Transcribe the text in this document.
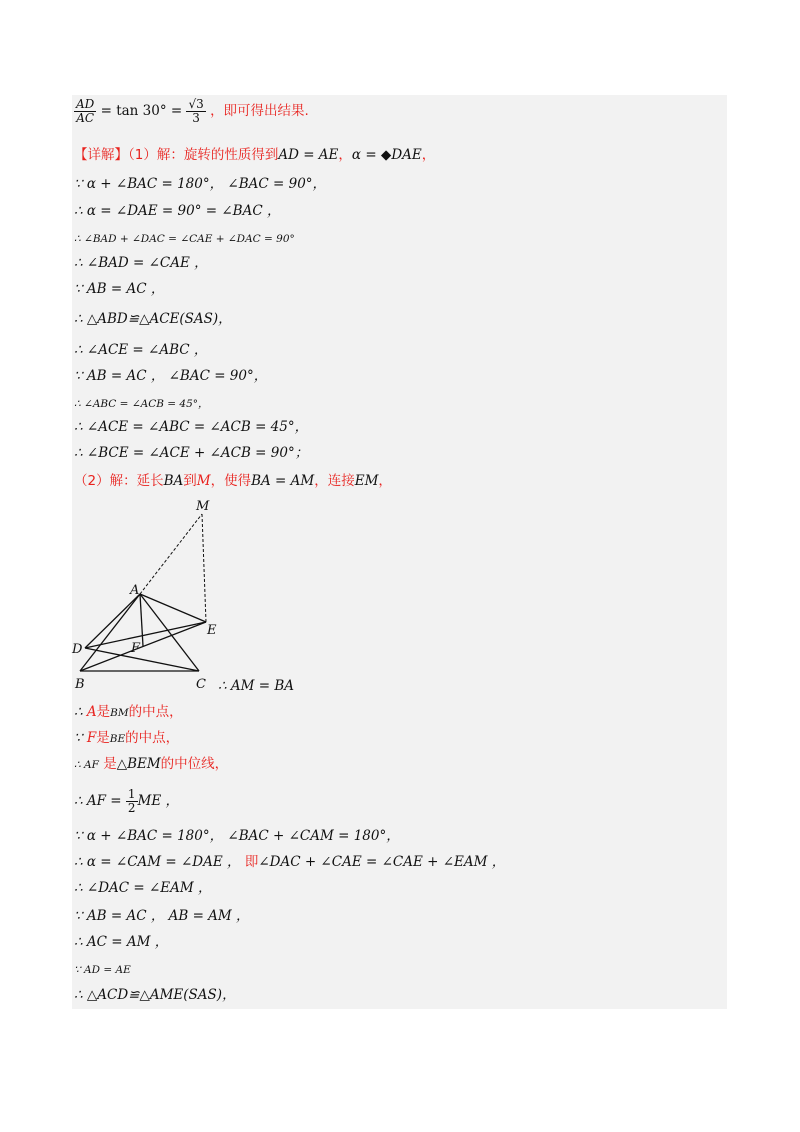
$\frac{AD}{AC} = \tan 30^\circ = \frac{√3}{3}$ ，即可得出结果.
【详解】（1）解：旋转的性质得到AD = AE，α = ◆DAE，
∵ α + ∠BAC = 180°， ∠BAC = 90°，
∴ α = ∠DAE = 90° = ∠BAC ，
∴ ∠BAD + ∠DAC = ∠CAE + ∠DAC = 90°
∴ ∠BAD = ∠CAE ，
∵ AB = AC ，
∴ △ABD≌△ACE(SAS)，
∴ ∠ACE = ∠ABC ，
∵ AB = AC ， ∠BAC = 90°，
∴ ∠ABC = ∠ACB = 45°，
∴ ∠ACE = ∠ABC = ∠ACB = 45°，
∴ ∠BCE = ∠ACE + ∠ACB = 90°；
（2）解：延长BA到M，使得BA = AM，连接EM，
M
A
E
D	F
B	C ∴ AM = BA
∴ A是BM的中点，
∵ F是BE的中点，
∴ AF 是△BEM的中位线，
∴ AF = $\frac{1}{2}$ ME ，
∵ α + ∠BAC = 180°， ∠BAC + ∠CAM = 180°，
∴ α = ∠CAM = ∠DAE ， 即∠DAC + ∠CAE = ∠CAE + ∠EAM ，
∴ ∠DAC = ∠EAM ，
∵ AB = AC ， AB = AM ，
∴ AC = AM ，
∵ AD = AE
∴ △ACD≌△AME(SAS)，
